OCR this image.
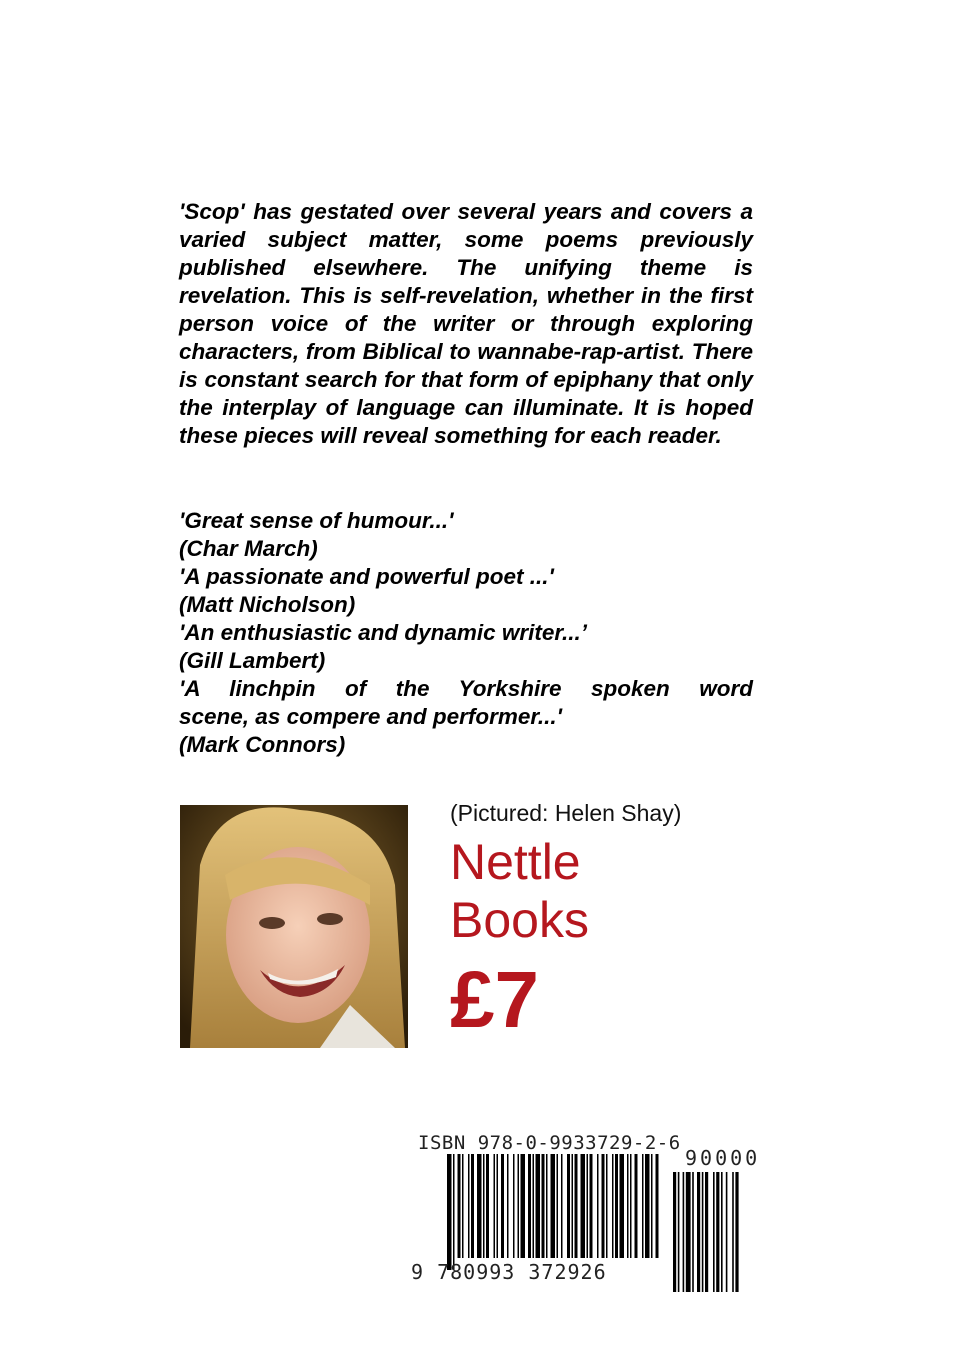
'Scop' has gestated over several years and covers a varied subject matter, some poems previously published elsewhere. The unifying theme is revelation. This is self-revelation, whether in the first person voice of the writer or through exploring characters, from Biblical to wannabe-rap-artist. There is constant search for that form of epiphany that only the interplay of language can illuminate. It is hoped these pieces will reveal something for each reader.

'Great sense of humour...'
(Char March)
'A passionate and powerful poet ...'
(Matt Nicholson)
'An enthusiastic and dynamic writer...’
(Gill Lambert)
'A linchpin of the Yorkshire spoken word
scene, as compere and performer...'
(Mark Connors)
(Pictured: Helen Shay)
Nettle
Books
£7
ISBN 978-0-9933729-2-6
90000
9 780993 372926
